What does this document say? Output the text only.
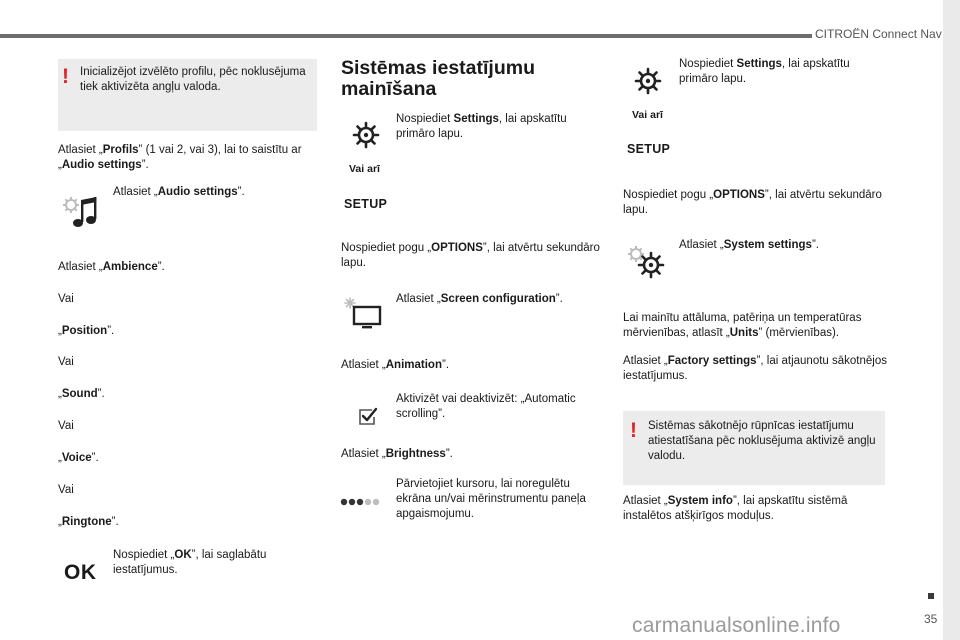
CITROËN Connect Nav
35
carmanualsonline.info
! Inicializējot izvēlēto profilu, pēc noklusējuma tiek aktivizēta angļu valoda.
Atlasiet „Profils” (1 vai 2, vai 3), lai to saistītu ar „Audio settings”.
Atlasiet „Audio settings”.
Atlasiet „Ambience”.
Vai
„Position”.
Vai
„Sound”.
Vai
„Voice”.
Vai
„Ringtone”.
OK
Nospiediet „OK”, lai saglabātu iestatījumus.
Sistēmas iestatījumu mainīšana
Nospiediet Settings, lai apskatītu primāro lapu.
Vai arī
SETUP
Nospiediet pogu „OPTIONS”, lai atvērtu sekundāro lapu.
Atlasiet „Screen configuration”.
Atlasiet „Animation”.
Aktivizēt vai deaktivizēt: „Automatic scrolling”.
Atlasiet „Brightness”.
Pārvietojiet kursoru, lai noregulētu ekrāna un/vai mērinstrumentu paneļa apgaismojumu.
Nospiediet Settings, lai apskatītu primāro lapu.
Vai arī
SETUP
Nospiediet pogu „OPTIONS”, lai atvērtu sekundāro lapu.
Atlasiet „System settings”.
Lai mainītu attāluma, patēriņa un temperatūras mērvienības, atlasīt „Units” (mērvienības).
Atlasiet „Factory settings”, lai atjaunotu sākotnējos iestatījumus.
! Sistēmas sākotnējo rūpnīcas iestatījumu atiestatīšana pēc noklusējuma aktivizē angļu valodu.
Atlasiet „System info”, lai apskatītu sistēmā instalētos atšķirīgos moduļus.
